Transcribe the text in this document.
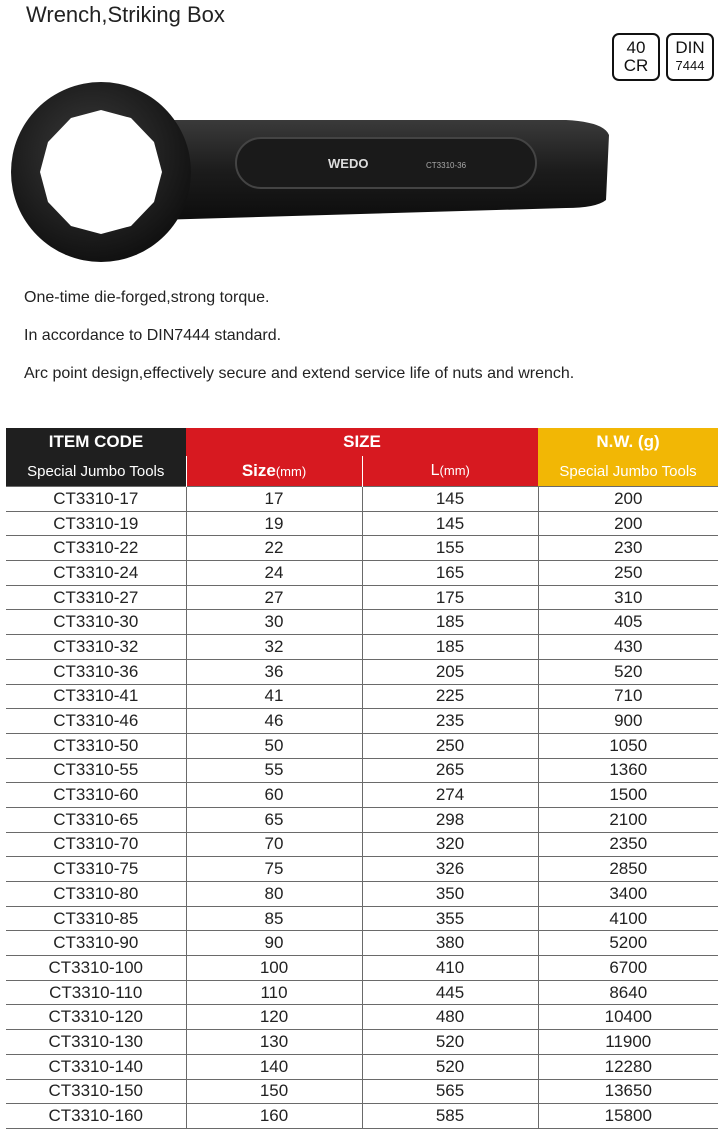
Wrench,Striking Box
40
CR
DIN
7444
WEDO	CT3310-36

One-time die-forged,strong torque.

In accordance to DIN7444 standard.

Arc point design,effectively secure and extend service life of nuts and wrench.

ITEM CODE	SIZE		N.W. (g)
Special Jumbo Tools	Size(mm)	L(mm)	Special Jumbo Tools
CT3310-17	17	145	200
CT3310-19	19	145	200
CT3310-22	22	155	230
CT3310-24	24	165	250
CT3310-27	27	175	310
CT3310-30	30	185	405
CT3310-32	32	185	430
CT3310-36	36	205	520
CT3310-41	41	225	710
CT3310-46	46	235	900
CT3310-50	50	250	1050
CT3310-55	55	265	1360
CT3310-60	60	274	1500
CT3310-65	65	298	2100
CT3310-70	70	320	2350
CT3310-75	75	326	2850
CT3310-80	80	350	3400
CT3310-85	85	355	4100
CT3310-90	90	380	5200
CT3310-100	100	410	6700
CT3310-110	110	445	8640
CT3310-120	120	480	10400
CT3310-130	130	520	11900
CT3310-140	140	520	12280
CT3310-150	150	565	13650
CT3310-160	160	585	15800
